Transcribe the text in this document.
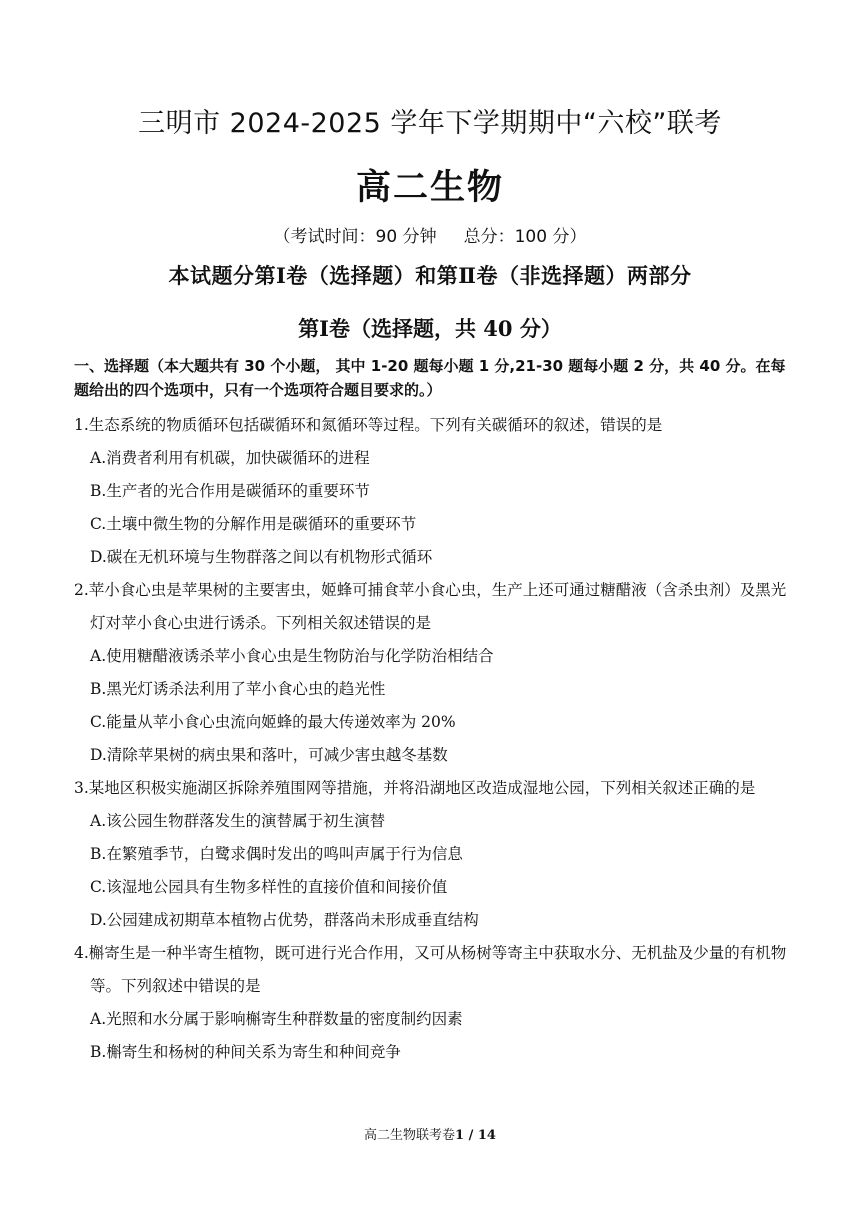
三明市 2024-2025 学年下学期期中“六校”联考
高二生物
（考试时间：90 分钟     总分：100 分）
本试题分第Ⅰ卷（选择题）和第Ⅱ卷（非选择题）两部分
第Ⅰ卷（选择题，共 40 分）
一、选择题（本大题共有 30 个小题， 其中 1-20 题每小题 1 分,21-30 题每小题 2 分，共 40 分。在每题给出的四个选项中，只有一个选项符合题目要求的。）

1.生态系统的物质循环包括碳循环和氮循环等过程。下列有关碳循环的叙述，错误的是

A.消费者利用有机碳，加快碳循环的进程

B.生产者的光合作用是碳循环的重要环节

C.土壤中微生物的分解作用是碳循环的重要环节

D.碳在无机环境与生物群落之间以有机物形式循环

2.苹小食心虫是苹果树的主要害虫，姬蜂可捕食苹小食心虫，生产上还可通过糖醋液（含杀虫剂）及黑光灯对苹小食心虫进行诱杀。下列相关叙述错误的是

A.使用糖醋液诱杀苹小食心虫是生物防治与化学防治相结合

B.黑光灯诱杀法利用了苹小食心虫的趋光性

C.能量从苹小食心虫流向姬蜂的最大传递效率为 20%

D.清除苹果树的病虫果和落叶，可减少害虫越冬基数

3.某地区积极实施湖区拆除养殖围网等措施，并将沿湖地区改造成湿地公园，下列相关叙述正确的是

A.该公园生物群落发生的演替属于初生演替

B.在繁殖季节，白鹭求偶时发出的鸣叫声属于行为信息

C.该湿地公园具有生物多样性的直接价值和间接价值

D.公园建成初期草本植物占优势，群落尚未形成垂直结构

4.槲寄生是一种半寄生植物，既可进行光合作用，又可从杨树等寄主中获取水分、无机盐及少量的有机物等。下列叙述中错误的是

A.光照和水分属于影响槲寄生种群数量的密度制约因素

B.槲寄生和杨树的种间关系为寄生和种间竞争

高二生物联考卷1 / 14
